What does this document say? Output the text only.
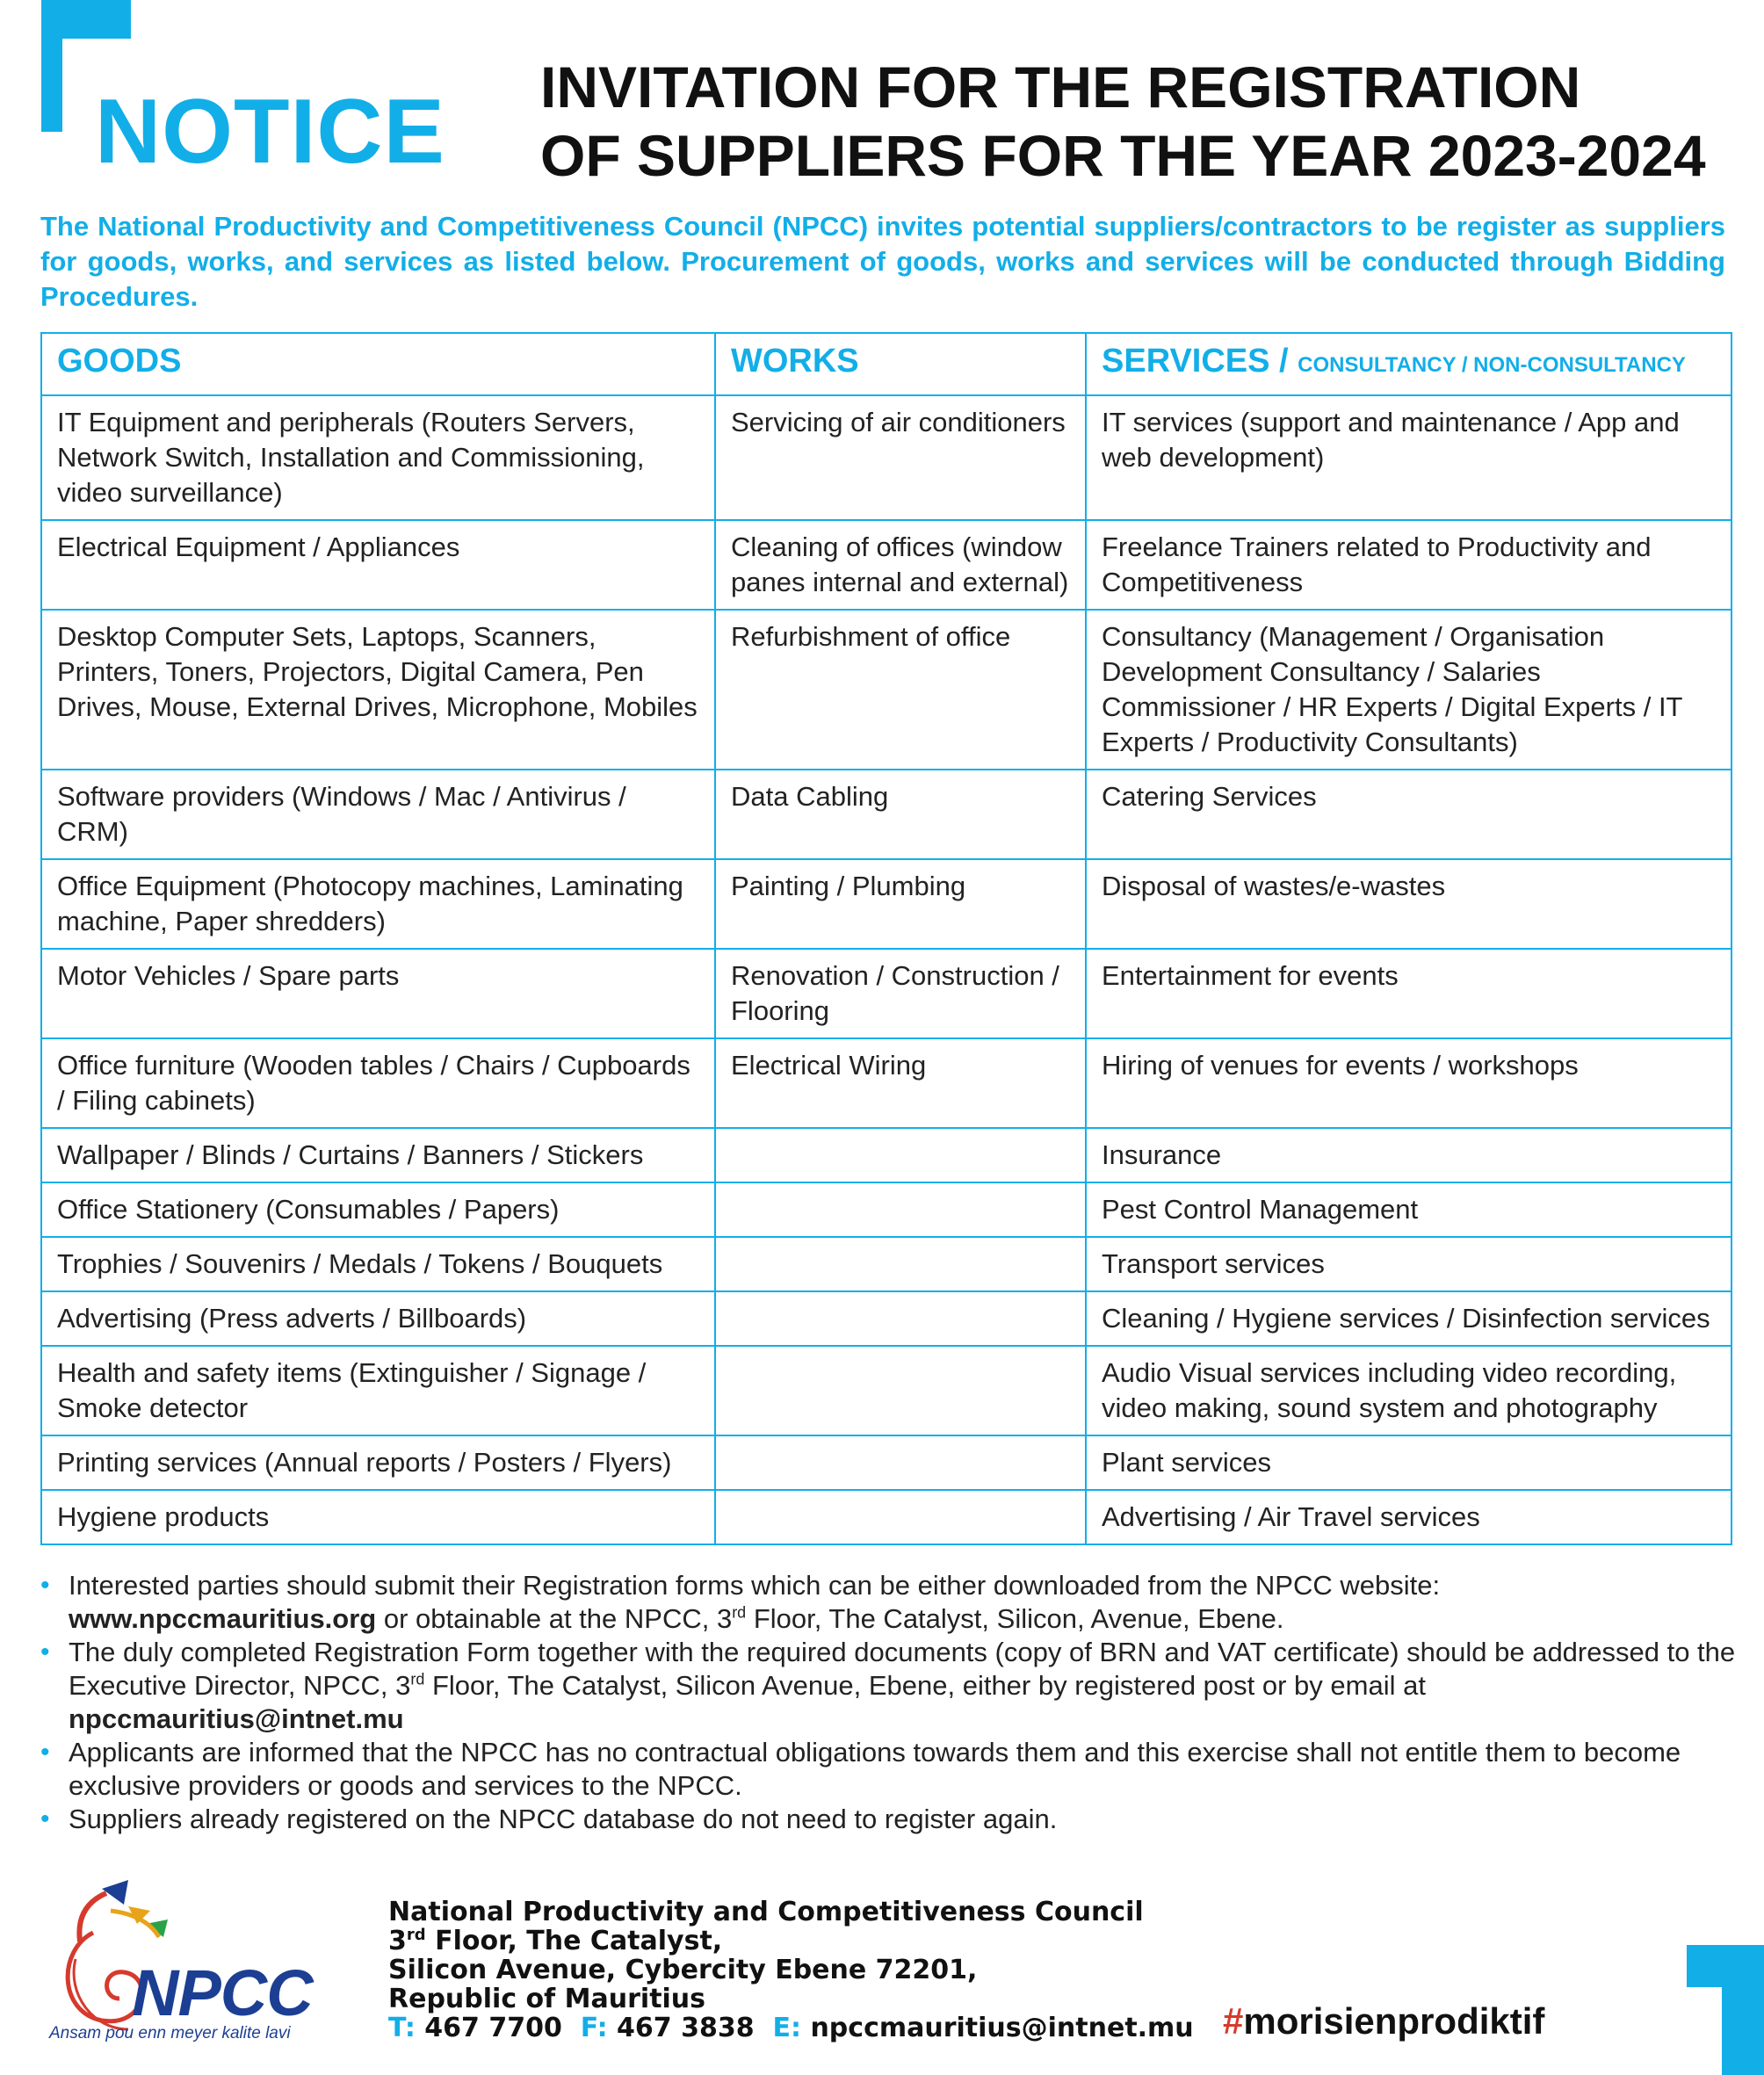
NOTICE INVITATION FOR THE REGISTRATION
OF SUPPLIERS FOR THE YEAR 2023-2024
The National Productivity and Competitiveness Council (NPCC) invites potential suppliers/contractors to be register as suppliers for goods, works, and services as listed below. Procurement of goods, works and services will be conducted through Bidding Procedures.
GOODS	WORKS	SERVICES / CONSULTANCY / NON-CONSULTANCY
IT Equipment and peripherals (Routers Servers, Network Switch, Installation and Commissioning, video surveillance)	Servicing of air conditioners	IT services (support and maintenance / App and web development)
Electrical Equipment / Appliances	Cleaning of offices (window panes internal and external)	Freelance Trainers related to Productivity and Competitiveness
Desktop Computer Sets, Laptops, Scanners, Printers, Toners, Projectors, Digital Camera, Pen Drives, Mouse, External Drives, Microphone, Mobiles	Refurbishment of office	Consultancy (Management / Organisation Development Consultancy / Salaries Commissioner / HR Experts / Digital Experts / IT Experts / Productivity Consultants)
Software providers (Windows / Mac / Antivirus / CRM)	Data Cabling	Catering Services
Office Equipment (Photocopy machines, Laminating machine, Paper shredders)	Painting / Plumbing	Disposal of wastes/e-wastes
Motor Vehicles / Spare parts	Renovation / Construction / Flooring	Entertainment for events
Office furniture (Wooden tables / Chairs / Cupboards / Filing cabinets)	Electrical Wiring	Hiring of venues for events / workshops
Wallpaper / Blinds / Curtains / Banners / Stickers		Insurance
Office Stationery (Consumables / Papers)		Pest Control Management
Trophies / Souvenirs / Medals / Tokens / Bouquets		Transport services
Advertising (Press adverts / Billboards)		Cleaning / Hygiene services / Disinfection services
Health and safety items (Extinguisher / Signage / Smoke detector		Audio Visual services including video recording, video making, sound system and photography
Printing services (Annual reports / Posters / Flyers)		Plant services
Hygiene products		Advertising / Air Travel services
• Interested parties should submit their Registration forms which can be either downloaded from the NPCC website:
www.npccmauritius.org or obtainable at the NPCC, 3rd Floor, The Catalyst, Silicon, Avenue, Ebene.
• The duly completed Registration Form together with the required documents (copy of BRN and VAT certificate) should be addressed to the Executive Director, NPCC, 3rd Floor, The Catalyst, Silicon Avenue, Ebene, either by registered post or by email at
npccmauritius@intnet.mu
• Applicants are informed that the NPCC has no contractual obligations towards them and this exercise shall not entitle them to become exclusive providers or goods and services to the NPCC.
• Suppliers already registered on the NPCC database do not need to register again.
NPCC
Ansam pou enn meyer kalite lavi
National Productivity and Competitiveness Council
3rd Floor, The Catalyst,
Silicon Avenue, Cybercity Ebene 72201,
Republic of Mauritius
T: 467 7700 F: 467 3838 E: npccmauritius@intnet.mu #morisienprodiktif
